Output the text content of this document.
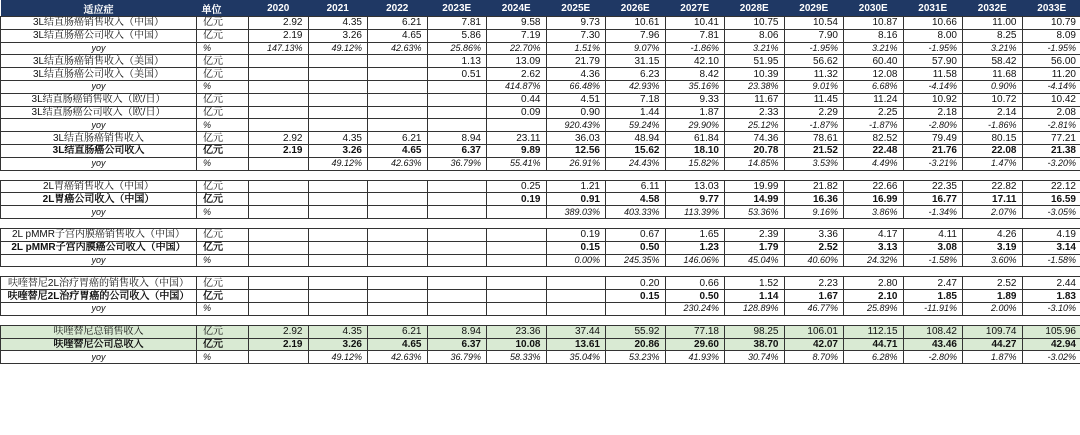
适应症	单位	2020	2021	2022	2023E	2024E	2025E	2026E	2027E	2028E	2029E	2030E	2031E	2032E	2033E
3L结直肠癌销售收入（中国）	亿元	2.92	4.35	6.21	7.81	9.58	9.73	10.61	10.41	10.75	10.54	10.87	10.66	11.00	10.79
3L结直肠癌公司收入（中国）	亿元	2.19	3.26	4.65	5.86	7.19	7.30	7.96	7.81	8.06	7.90	8.16	8.00	8.25	8.09
yoy	%	147.13%	49.12%	42.63%	25.86%	22.70%	1.51%	9.07%	-1.86%	3.21%	-1.95%	3.21%	-1.95%	3.21%	-1.95%
3L结直肠癌销售收入（美国）	亿元				1.13	13.09	21.79	31.15	42.10	51.95	56.62	60.40	57.90	58.42	56.00
3L结直肠癌公司收入（美国）	亿元				0.51	2.62	4.36	6.23	8.42	10.39	11.32	12.08	11.58	11.68	11.20
yoy	%					414.87%	66.48%	42.93%	35.16%	23.38%	9.01%	6.68%	-4.14%	0.90%	-4.14%
3L结直肠癌销售收入（欧/日）	亿元					0.44	4.51	7.18	9.33	11.67	11.45	11.24	10.92	10.72	10.42
3L结直肠癌公司收入（欧/日）	亿元					0.09	0.90	1.44	1.87	2.33	2.29	2.25	2.18	2.14	2.08
yoy	%						920.43%	59.24%	29.90%	25.12%	-1.87%	-1.87%	-2.80%	-1.86%	-2.81%
3L结直肠癌销售收入	亿元	2.92	4.35	6.21	8.94	23.11	36.03	48.94	61.84	74.36	78.61	82.52	79.49	80.15	77.21
3L结直肠癌公司收入	亿元	2.19	3.26	4.65	6.37	9.89	12.56	15.62	18.10	20.78	21.52	22.48	21.76	22.08	21.38
yoy	%		49.12%	42.63%	36.79%	55.41%	26.91%	24.43%	15.82%	14.85%	3.53%	4.49%	-3.21%	1.47%	-3.20%

2L胃癌销售收入（中国）	亿元					0.25	1.21	6.11	13.03	19.99	21.82	22.66	22.35	22.82	22.12
2L胃癌公司收入（中国）	亿元					0.19	0.91	4.58	9.77	14.99	16.36	16.99	16.77	17.11	16.59
yoy	%						389.03%	403.33%	113.39%	53.36%	9.16%	3.86%	-1.34%	2.07%	-3.05%

2L pMMR子宫内膜癌销售收入（中国）	亿元						0.19	0.67	1.65	2.39	3.36	4.17	4.11	4.26	4.19
2L pMMR子宫内膜癌公司收入（中国）	亿元						0.15	0.50	1.23	1.79	2.52	3.13	3.08	3.19	3.14
yoy	%						0.00%	245.35%	146.06%	45.04%	40.60%	24.32%	-1.58%	3.60%	-1.58%

呋喹替尼2L治疗胃癌的销售收入（中国）	亿元							0.20	0.66	1.52	2.23	2.80	2.47	2.52	2.44
呋喹替尼2L治疗胃癌的公司收入（中国）	亿元							0.15	0.50	1.14	1.67	2.10	1.85	1.89	1.83
yoy	%								230.24%	128.89%	46.77%	25.89%	-11.91%	2.00%	-3.10%

呋喹替尼总销售收入	亿元	2.92	4.35	6.21	8.94	23.36	37.44	55.92	77.18	98.25	106.01	112.15	108.42	109.74	105.96
呋喹替尼公司总收入	亿元	2.19	3.26	4.65	6.37	10.08	13.61	20.86	29.60	38.70	42.07	44.71	43.46	44.27	42.94
yoy	%		49.12%	42.63%	36.79%	58.33%	35.04%	53.23%	41.93%	30.74%	8.70%	6.28%	-2.80%	1.87%	-3.02%
